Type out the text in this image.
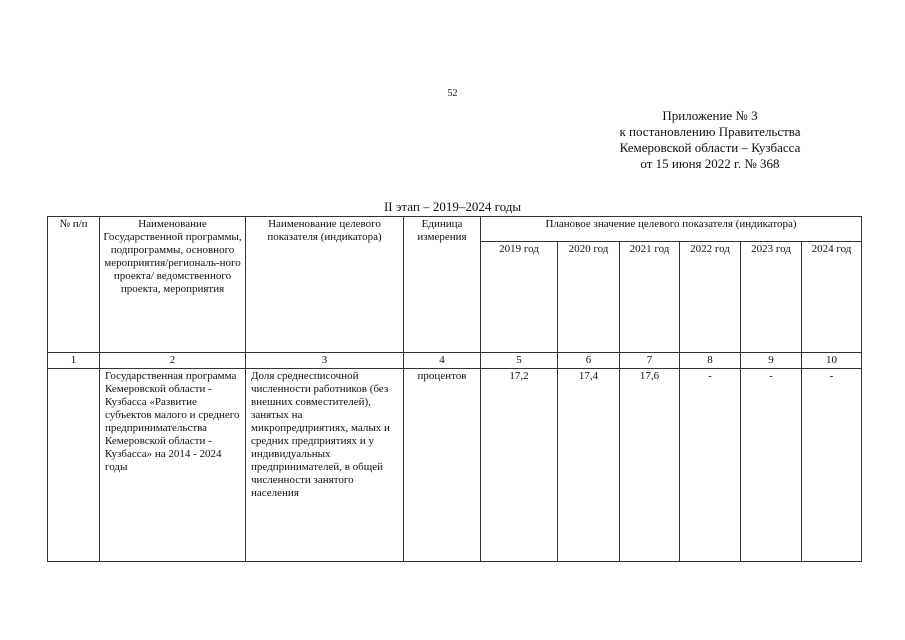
52
Приложение № 3
к постановлению Правительства
Кемеровской области – Кузбасса
от 15 июня 2022 г. № 368
II этап – 2019–2024 годы
№ п/п	Наименование Государственной программы, подпрограммы, основного мероприятия/региональ-ного проекта/ ведомственного проекта, мероприятия	Наименование целевого показателя (индикатора)	Единица измерения	Плановое значение целевого показателя (индикатора)					
				2019 год	2020 год	2021 год	2022 год	2023 год	2024 год
1	2	3	4	5	6	7	8	9	10
	Государственная программа Кемеровской области - Кузбасса «Развитие субъектов малого и среднего предпринимательства Кемеровской области - Кузбасса» на 2014 - 2024 годы	Доля среднесписочной численности работников (без внешних совместителей), занятых на микропредприятиях, малых и средних предприятиях и у индивидуальных предпринимателей, в общей численности занятого населения	процентов	17,2	17,4	17,6	-	-	-
